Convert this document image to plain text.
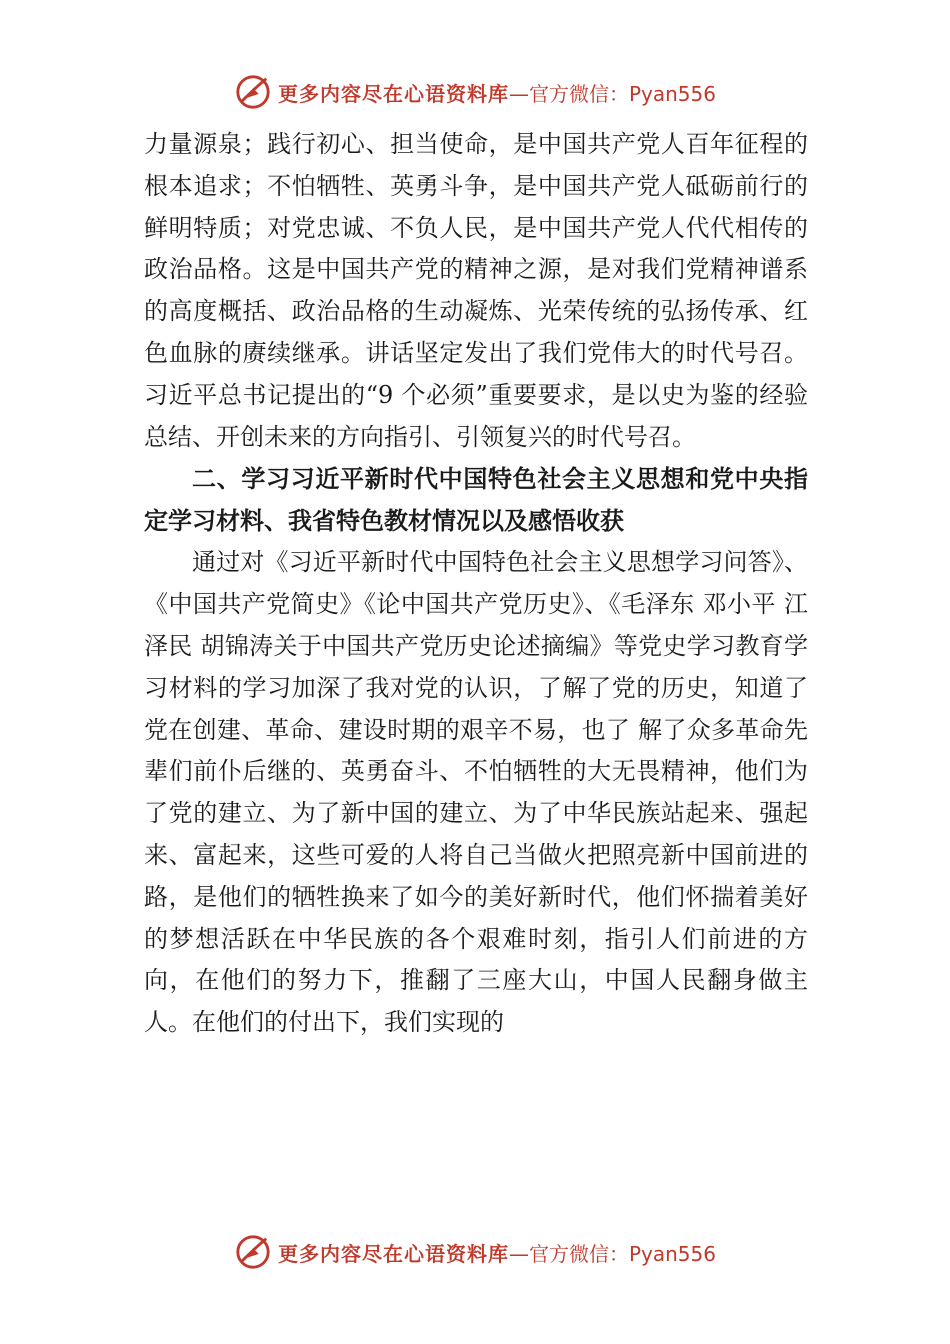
更多内容尽在心语资料库 —官方微信：Pyan556

力量源泉；践行初心、担当使命，是中国共产党人百年征程的根本追求；不怕牺牲、英勇斗争，是中国共产党人砥砺前行的鲜明特质；对党忠诚、不负人民，是中国共产党人代代相传的政治品格。这是中国共产党的精神之源，是对我们党精神谱系的高度概括、政治品格的生动凝炼、光荣传统的弘扬传承、红色血脉的赓续继承。讲话坚定发出了我们党伟大的时代号召。习近平总书记提出的“9 个必须”重要要求，是以史为鉴的经验总结、开创未来的方向指引、引领复兴的时代号召。

二、学习习近平新时代中国特色社会主义思想和党中央指定学习材料、我省特色教材情况以及感悟收获

通过对《习近平新时代中国特色社会主义思想学习问答》、《中国共产党简史》《论中国共产党历史》、《毛泽东 邓小平 江泽民 胡锦涛关于中国共产党历史论述摘编》等党史学习教育学习材料的学习加深了我对党的认识，了解了党的历史，知道了党在创建、革命、建设时期的艰辛不易，也了 解了众多革命先辈们前仆后继的、英勇奋斗、不怕牺牲的大无畏精神，他们为了党的建立、为了新中国的建立、为了中华民族站起来、强起来、富起来，这些可爱的人将自己当做火把照亮新中国前进的路，是他们的牺牲换来了如今的美好新时代，他们怀揣着美好的梦想活跃在中华民族的各个艰难时刻，指引人们前进的方向，在他们的努力下，推翻了三座大山，中国人民翻身做主人。在他们的付出下，我们实现的

更多内容尽在心语资料库 —官方微信：Pyan556
